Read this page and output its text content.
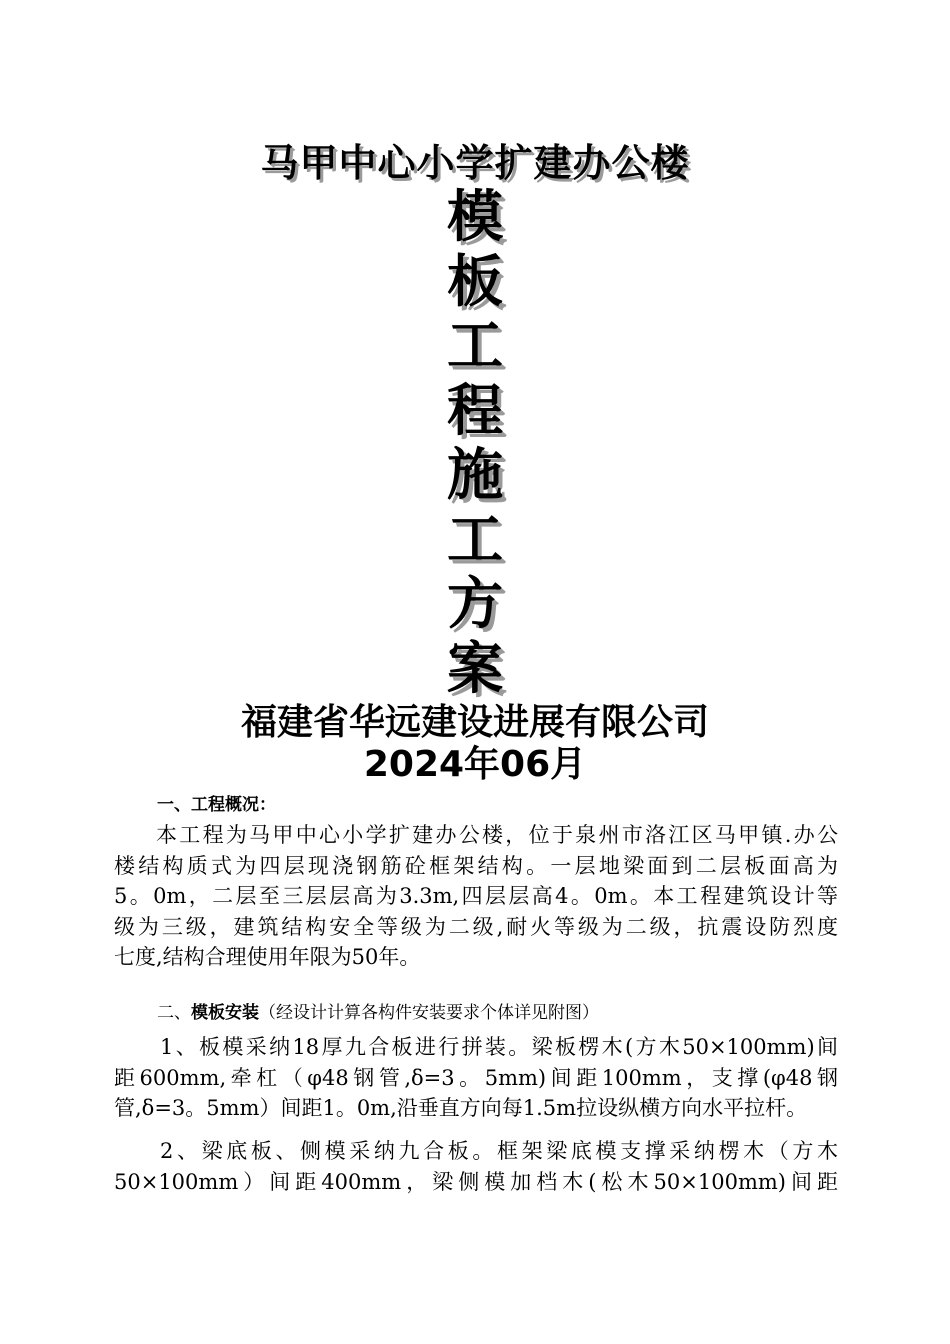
马甲中心小学扩建办公楼
模
板
工
程
施
工
方
案
福建省华远建设进展有限公司
2024年06月
一、工程概况：
本工程为马甲中心小学扩建办公楼，位于泉州市洛江区马甲镇.办公
楼结构质式为四层现浇钢筋砼框架结构。一层地梁面到二层板面高为
5。0m，二层至三层层高为3.3m,四层层高4。0m。本工程建筑设计等
级为三级，建筑结构安全等级为二级,耐火等级为二级，抗震设防烈度
七度,结构合理使用年限为50年。
二、模板安装（经设计计算各构件安装要求个体详见附图）
1、板模采纳18厚九合板进行拼装。梁板楞木(方木50×100mm)间
距600mm,牵杠（φ48钢管,δ=3。5mm)间距100mm，支撑(φ48钢
管,δ=3。5mm）间距1。0m,沿垂直方向每1.5m拉设纵横方向水平拉杆。
2、梁底板、侧模采纳九合板。框架梁底模支撑采纳楞木（方木
50×100mm）间距400mm，梁侧模加档木(松木50×100mm)间距
